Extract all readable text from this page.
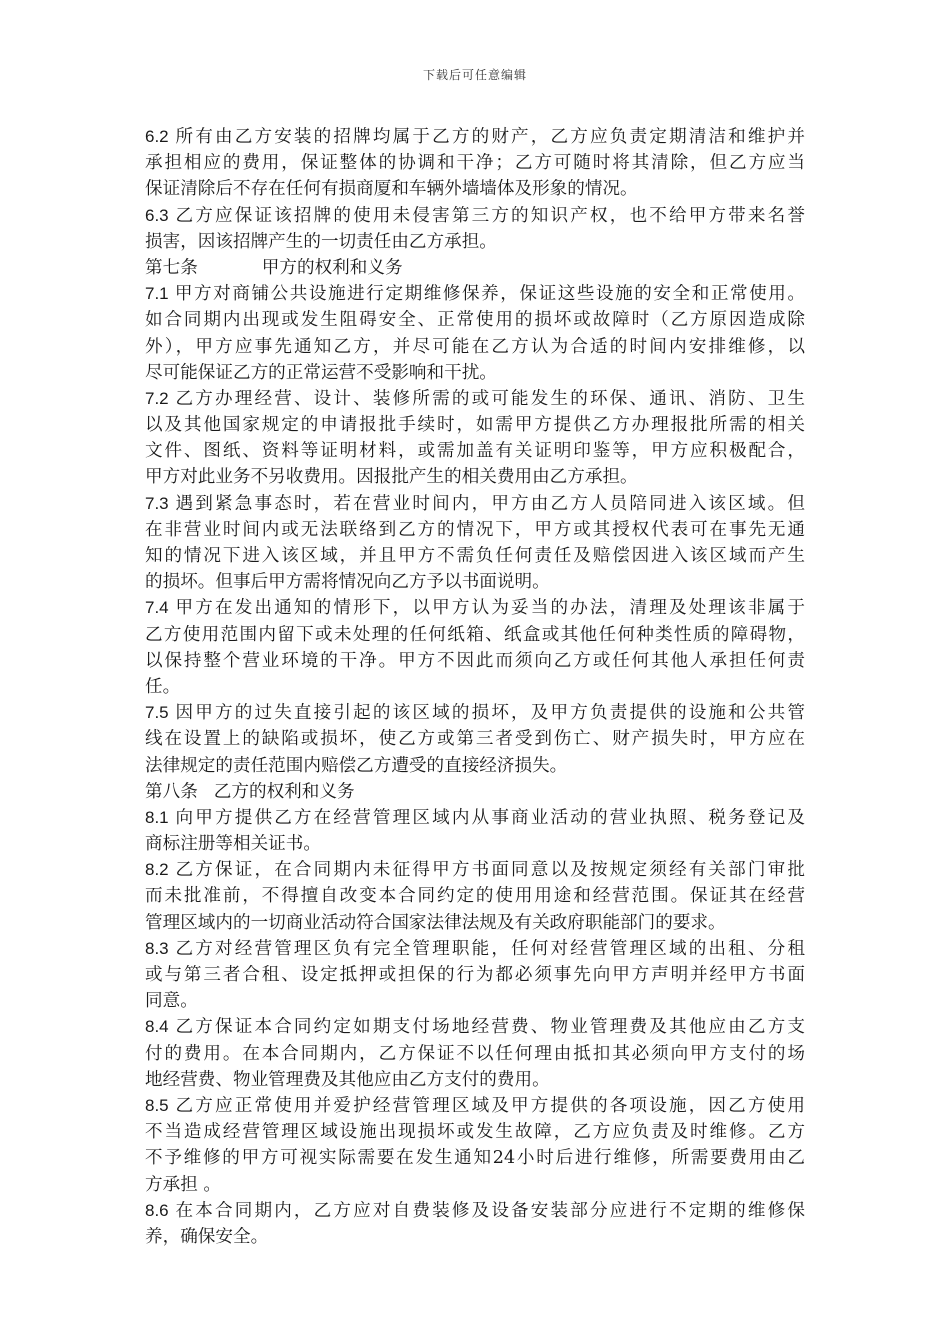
下载后可任意编辑
6.2 所有由乙方安装的招牌均属于乙方的财产，乙方应负责定期清洁和维护并
承担相应的费用，保证整体的协调和干净；乙方可随时将其清除，但乙方应当
保证清除后不存在任何有损商厦和车辆外墙墙体及形象的情况。
6.3 乙方应保证该招牌的使用未侵害第三方的知识产权，也不给甲方带来名誉
损害，因该招牌产生的一切责任由乙方承担。
第七条	甲方的权利和义务
7.1 甲方对商铺公共设施进行定期维修保养，保证这些设施的安全和正常使用。
如合同期内出现或发生阻碍安全、正常使用的损坏或故障时（乙方原因造成除
外），甲方应事先通知乙方，并尽可能在乙方认为合适的时间内安排维修，以
尽可能保证乙方的正常运营不受影响和干扰。
7.2 乙方办理经营、设计、装修所需的或可能发生的环保、通讯、消防、卫生
以及其他国家规定的申请报批手续时，如需甲方提供乙方办理报批所需的相关
文件、图纸、资料等证明材料，或需加盖有关证明印鉴等，甲方应积极配合，
甲方对此业务不另收费用。因报批产生的相关费用由乙方承担。
7.3 遇到紧急事态时，若在营业时间内，甲方由乙方人员陪同进入该区域。但
在非营业时间内或无法联络到乙方的情况下，甲方或其授权代表可在事先无通
知的情况下进入该区域，并且甲方不需负任何责任及赔偿因进入该区域而产生
的损坏。但事后甲方需将情况向乙方予以书面说明。
7.4 甲方在发出通知的情形下，以甲方认为妥当的办法，清理及处理该非属于
乙方使用范围内留下或未处理的任何纸箱、纸盒或其他任何种类性质的障碍物，
以保持整个营业环境的干净。甲方不因此而须向乙方或任何其他人承担任何责
任。
7.5 因甲方的过失直接引起的该区域的损坏，及甲方负责提供的设施和公共管
线在设置上的缺陷或损坏，使乙方或第三者受到伤亡、财产损失时，甲方应在
法律规定的责任范围内赔偿乙方遭受的直接经济损失。
第八条 乙方的权利和义务
8.1 向甲方提供乙方在经营管理区域内从事商业活动的营业执照、税务登记及
商标注册等相关证书。
8.2 乙方保证，在合同期内未征得甲方书面同意以及按规定须经有关部门审批
而未批准前，不得擅自改变本合同约定的使用用途和经营范围。保证其在经营
管理区域内的一切商业活动符合国家法律法规及有关政府职能部门的要求。
8.3 乙方对经营管理区负有完全管理职能，任何对经营管理区域的出租、分租
或与第三者合租、设定抵押或担保的行为都必须事先向甲方声明并经甲方书面
同意。
8.4 乙方保证本合同约定如期支付场地经营费、物业管理费及其他应由乙方支
付的费用。在本合同期内，乙方保证不以任何理由抵扣其必须向甲方支付的场
地经营费、物业管理费及其他应由乙方支付的费用。
8.5 乙方应正常使用并爱护经营管理区域及甲方提供的各项设施，因乙方使用
不当造成经营管理区域设施出现损坏或发生故障，乙方应负责及时维修。乙方
不予维修的甲方可视实际需要在发生通知24小时后进行维修，所需要费用由乙
方承担 。
8.6 在本合同期内，乙方应对自费装修及设备安装部分应进行不定期的维修保
养，确保安全。
